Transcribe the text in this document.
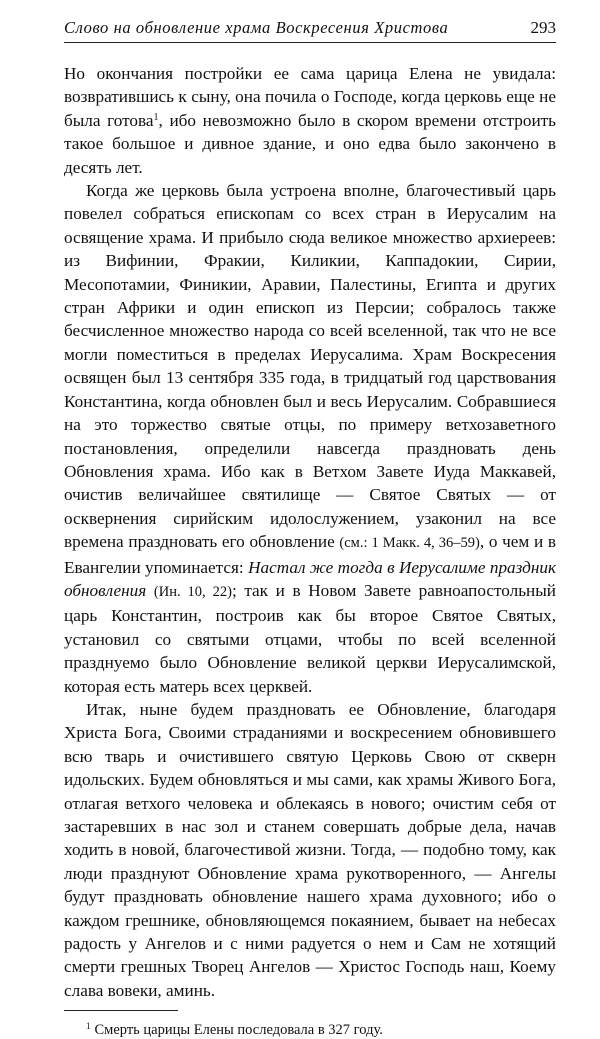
Слово на обновление храма Воскресения Христова	293

Но окончания постройки ее сама царица Елена не увидала: возвратившись к сыну, она почила о Господе, когда церковь еще не была готова$^1$, ибо невозможно было в скором времени отстроить такое большое и дивное здание, и оно едва было закончено в десять лет.

Когда же церковь была устроена вполне, благочестивый царь повелел собраться епископам со всех стран в Иерусалим на освящение храма. И прибыло сюда великое множество архиереев: из Вифинии, Фракии, Киликии, Каппадокии, Сирии, Месопотамии, Финикии, Аравии, Палестины, Египта и других стран Африки и один епископ из Персии; собралось также бесчисленное множество народа со всей вселенной, так что не все могли поместиться в пределах Иерусалима. Храм Воскресения освящен был 13 сентября 335 года, в тридцатый год царствования Константина, когда обновлен был и весь Иерусалим. Собравшиеся на это торжество святые отцы, по примеру ветхозаветного постановления, определили навсегда праздновать день Обновления храма. Ибо как в Ветхом Завете Иуда Маккавей, очистив величайшее святилище — Святое Святых — от осквернения сирийским идолослужением, узаконил на все времена праздновать его обновление (см.: 1 Макк. 4, 36–59), о чем и в Евангелии упоминается: Настал же тогда в Иерусалиме праздник обновления (Ин. 10, 22); так и в Новом Завете равноапостольный царь Константин, построив как бы второе Святое Святых, установил со святыми отцами, чтобы по всей вселенной празднуемо было Обновление великой церкви Иерусалимской, которая есть матерь всех церквей.

Итак, ныне будем праздновать ее Обновление, благодаря Христа Бога, Своими страданиями и воскресением обновившего всю тварь и очистившего святую Церковь Свою от скверн идольских. Будем обновляться и мы сами, как храмы Живого Бога, отлагая ветхого человека и облекаясь в нового; очистим себя от застаревших в нас зол и станем совершать добрые дела, начав ходить в новой, благочестивой жизни. Тогда, — подобно тому, как люди празднуют Обновление храма рукотворенного, — Ангелы будут праздновать обновление нашего храма духовного; ибо о каждом грешнике, обновляющемся покаянием, бывает на небесах радость у Ангелов и с ними радуется о нем и Сам не хотящий смерти грешных Творец Ангелов — Христос Господь наш, Коему слава вовеки, аминь.

$^1$ Смерть царицы Елены последовала в 327 году.
